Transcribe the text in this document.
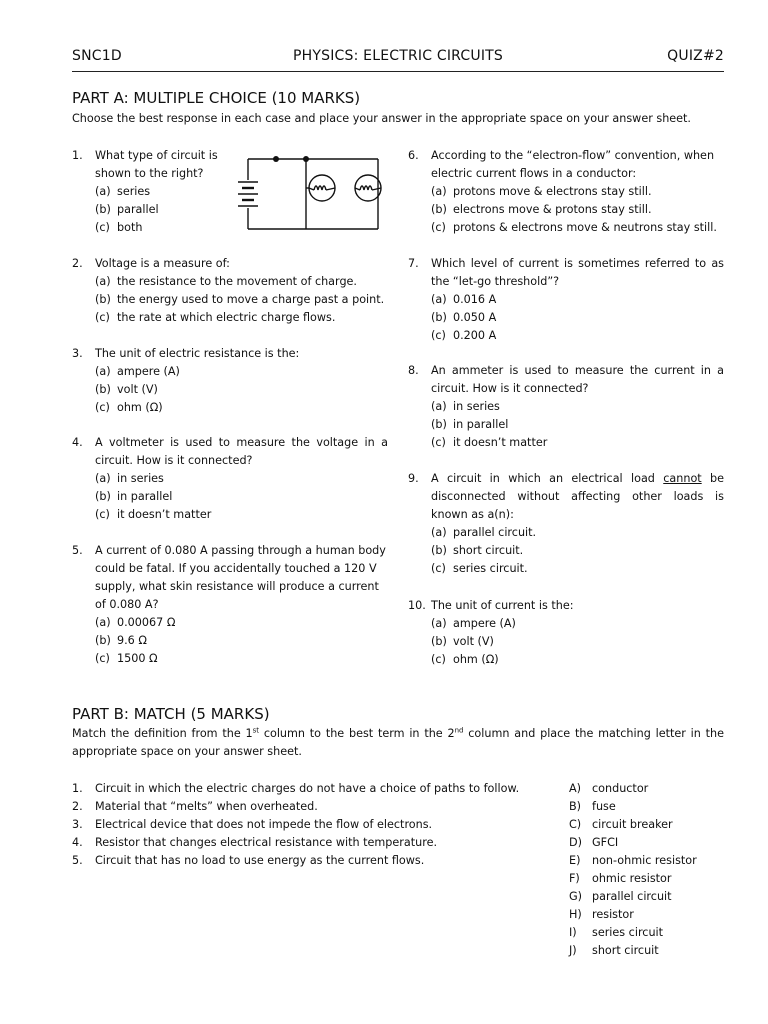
SNC1D	PHYSICS: ELECTRIC CIRCUITS	QUIZ#2
PART A: MULTIPLE CHOICE (10 MARKS)
Choose the best response in each case and place your answer in the appropriate space on your answer sheet.
1. What type of circuit is
shown to the right?
(a) series
(b) parallel
(c) both
2. Voltage is a measure of:
(a) the resistance to the movement of charge.
(b) the energy used to move a charge past a point.
(c) the rate at which electric charge flows.
3. The unit of electric resistance is the:
(a) ampere (A)
(b) volt (V)
(c) ohm (Ω)
4. A voltmeter is used to measure the voltage in a
circuit. How is it connected?
(a) in series
(b) in parallel
(c) it doesn’t matter
5. A current of 0.080 A passing through a human body
could be fatal. If you accidentally touched a 120 V
supply, what skin resistance will produce a current
of 0.080 A?
(a) 0.00067 Ω
(b) 9.6 Ω
(c) 1500 Ω
6. According to the “electron-flow” convention, when
electric current flows in a conductor:
(a) protons move & electrons stay still.
(b) electrons move & protons stay still.
(c) protons & electrons move & neutrons stay still.
7. Which level of current is sometimes referred to as
the “let-go threshold”?
(a) 0.016 A
(b) 0.050 A
(c) 0.200 A
8. An ammeter is used to measure the current in a
circuit. How is it connected?
(a) in series
(b) in parallel
(c) it doesn’t matter
9. A circuit in which an electrical load cannot be
disconnected without affecting other loads is
known as a(n):
(a) parallel circuit.
(b) short circuit.
(c) series circuit.
10. The unit of current is the:
(a) ampere (A)
(b) volt (V)
(c) ohm (Ω)
PART B: MATCH (5 MARKS)
Match the definition from the 1st column to the best term in the 2nd column and place the matching letter in the
appropriate space on your answer sheet.
1. Circuit in which the electric charges do not have a choice of paths to follow.
2. Material that “melts” when overheated.
3. Electrical device that does not impede the flow of electrons.
4. Resistor that changes electrical resistance with temperature.
5. Circuit that has no load to use energy as the current flows.
A) conductor
B) fuse
C) circuit breaker
D) GFCI
E) non-ohmic resistor
F) ohmic resistor
G) parallel circuit
H) resistor
I) series circuit
J) short circuit
